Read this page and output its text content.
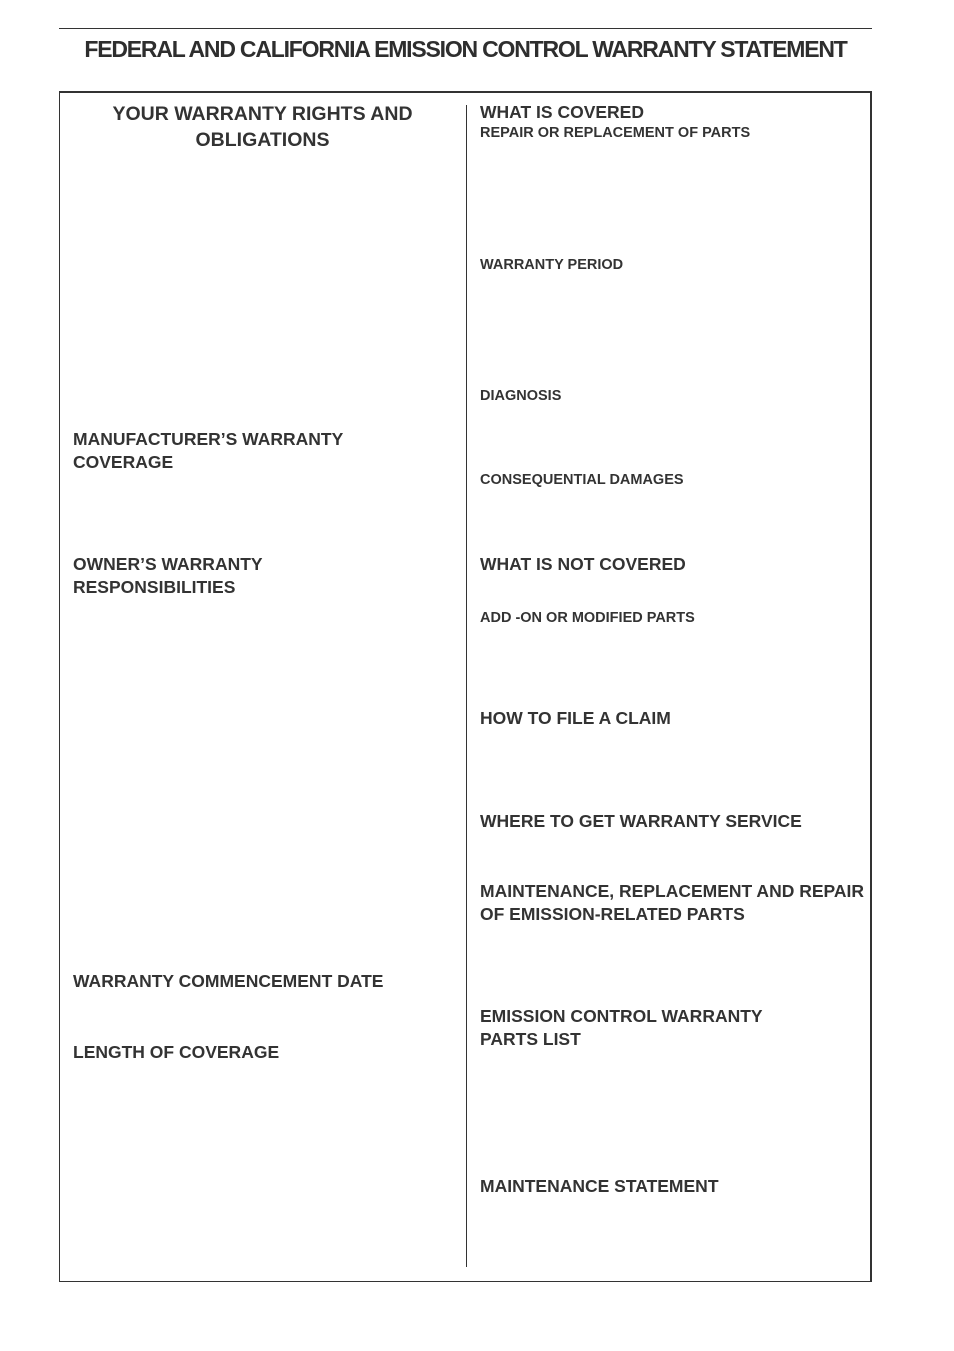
FEDERAL AND CALIFORNIA EMISSION CONTROL WARRANTY STATEMENT
YOUR WARRANTY RIGHTS AND OBLIGATIONS
MANUFACTURER’S WARRANTY COVERAGE
OWNER’S WARRANTY RESPONSIBILITIES
WARRANTY COMMENCEMENT DATE
LENGTH OF COVERAGE
WHAT IS COVERED
REPAIR OR REPLACEMENT OF PARTS
WARRANTY PERIOD
DIAGNOSIS
CONSEQUENTIAL DAMAGES
WHAT IS NOT COVERED
ADD -ON OR MODIFIED PARTS
HOW TO FILE A CLAIM
WHERE TO GET WARRANTY SERVICE
MAINTENANCE, REPLACEMENT AND REPAIR OF EMISSION-RELATED PARTS
EMISSION CONTROL WARRANTY PARTS LIST
MAINTENANCE STATEMENT
